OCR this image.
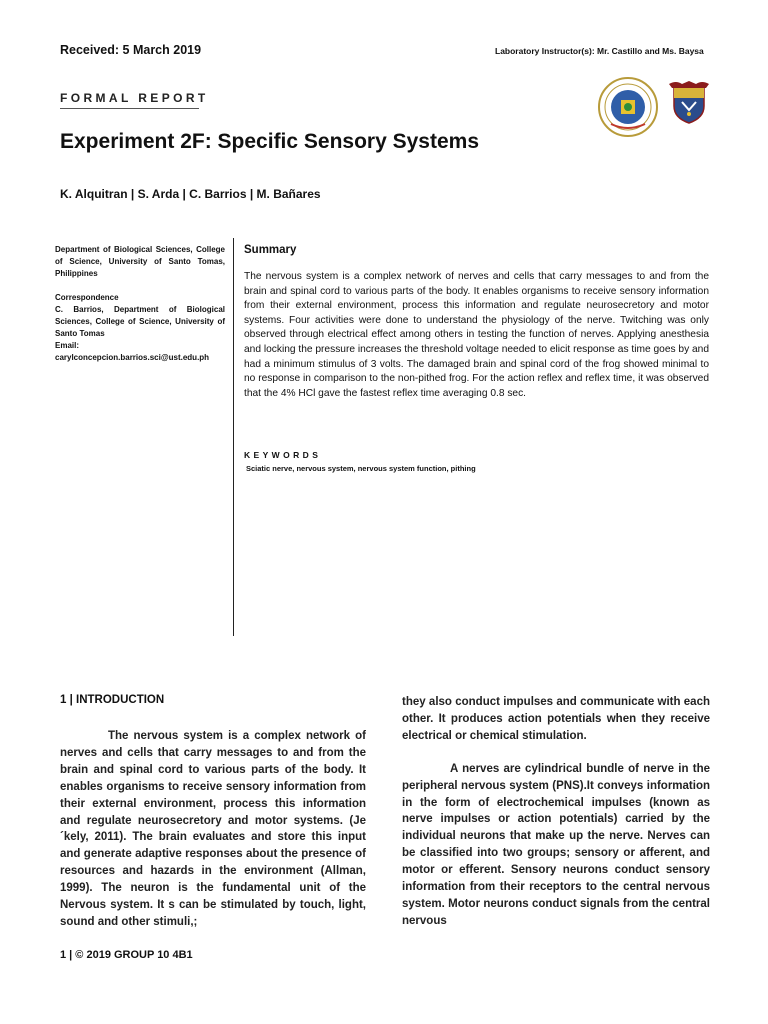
Received: 5 March 2019	Laboratory Instructor(s): Mr. Castillo and Ms. Baysa
FORMAL REPORT
Experiment 2F: Specific Sensory Systems
K. Alquitran | S. Arda | C. Barrios | M. Bañares

Department of Biological Sciences, College of Science, University of Santo Tomas, Philippines

Correspondence

C. Barrios, Department of Biological Sciences, College of Science, University of Santo Tomas

Email:

carylconcepcion.barrios.sci@ust.edu.ph

Summary
The nervous system is a complex network of nerves and cells that carry messages to and from the brain and spinal cord to various parts of the body. It enables organisms to receive sensory information from their external environment, process this information and regulate neurosecretory and motor systems. Four activities were done to understand the physiology of the nerve. Twitching was only observed through electrical effect among others in testing the function of nerves. Applying anesthesia and locking the pressure increases the threshold voltage needed to elicit response as time goes by and had a minimum stimulus of 3 volts. The damaged brain and spinal cord of the frog showed minimal to no response in comparison to the non-pithed frog. For the action reflex and reflex time, it was observed that the 4% HCl gave the fastest reflex time averaging 0.8 sec.
KEYWORDS
Sciatic nerve, nervous system, nervous system function, pithing
1 | INTRODUCTION

The nervous system is a complex network of nerves and cells that carry messages to and from the brain and spinal cord to various parts of the body. It enables organisms to receive sensory information from their external environment, process this information and regulate neurosecretory and motor systems. (Je´kely, 2011). The brain evaluates and store this input and generate adaptive responses about the presence of resources and hazards in the environment (Allman, 1999). The neuron is the fundamental unit of the Nervous system. It s can be stimulated by touch, light, sound and other stimuli,;

they also conduct impulses and communicate with each other. It produces action potentials when they receive electrical or chemical stimulation.

A nerves are cylindrical bundle of nerve in the peripheral nervous system (PNS).It conveys information in the form of electrochemical impulses (known as nerve impulses or action potentials) carried by the individual neurons that make up the nerve. Nerves can be classified into two groups; sensory or afferent, and motor or efferent. Sensory neurons conduct sensory information from their receptors to the central nervous system. Motor neurons conduct signals from the central nervous

1 | © 2019 GROUP 10 4B1
